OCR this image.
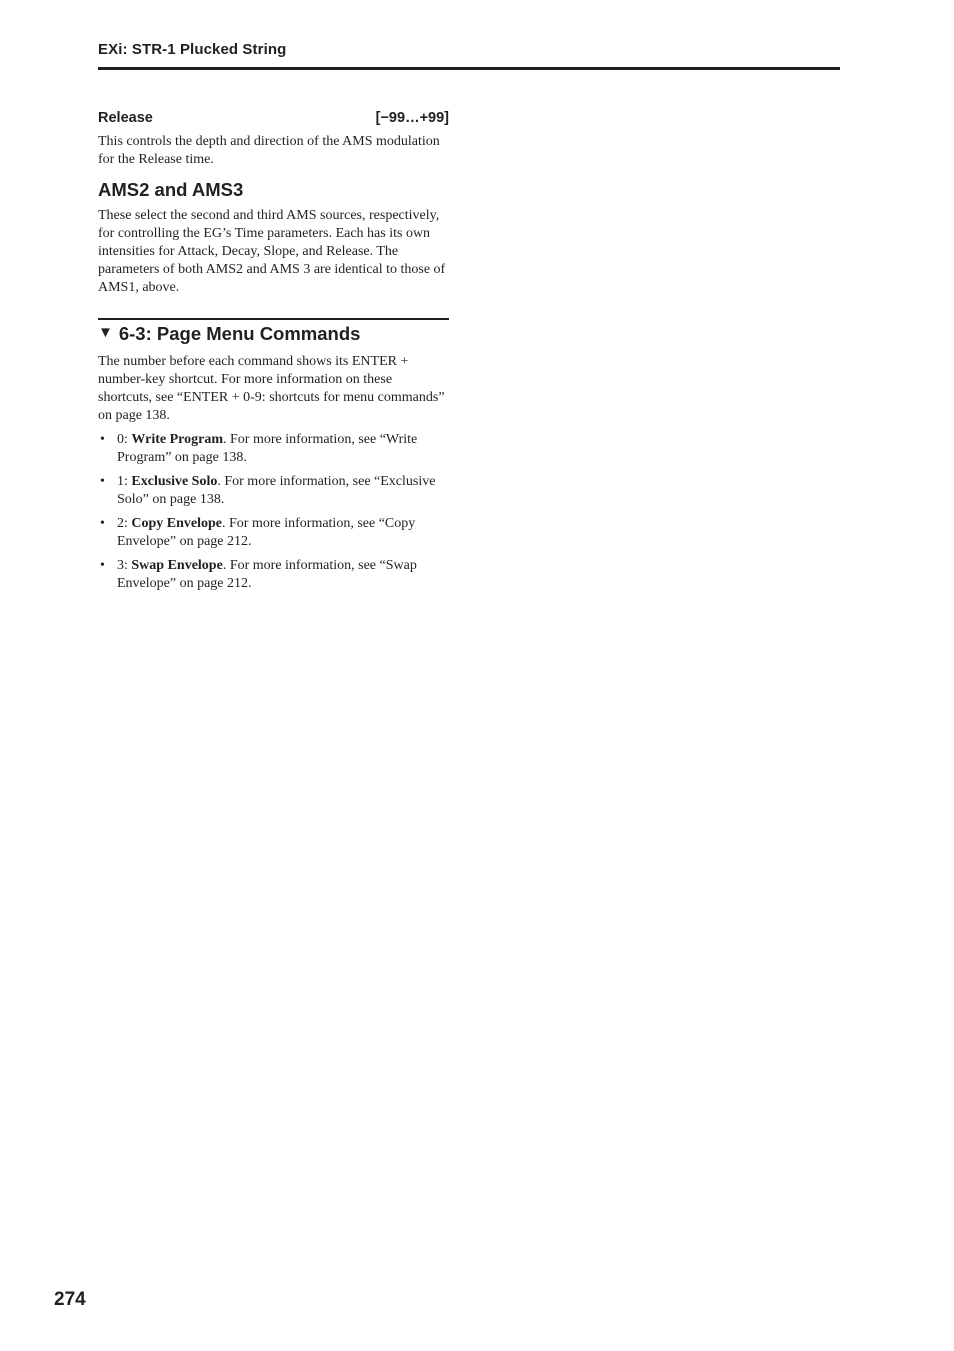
EXi: STR-1 Plucked String
Release	[−99…+99]

This controls the depth and direction of the AMS modulation for the Release time.

AMS2 and AMS3

These select the second and third AMS sources, respectively, for controlling the EG’s Time parameters. Each has its own intensities for Attack, Decay, Slope, and Release. The parameters of both AMS2 and AMS 3 are identical to those of AMS1, above.

▼ 6-3: Page Menu Commands

The number before each command shows its ENTER + number-key shortcut. For more information on these shortcuts, see “ENTER + 0-9: shortcuts for menu commands” on page 138.

• 0: Write Program. For more information, see “Write Program” on page 138.
• 1: Exclusive Solo. For more information, see “Exclusive Solo” on page 138.
• 2: Copy Envelope. For more information, see “Copy Envelope” on page 212.
• 3: Swap Envelope. For more information, see “Swap Envelope” on page 212.
274
